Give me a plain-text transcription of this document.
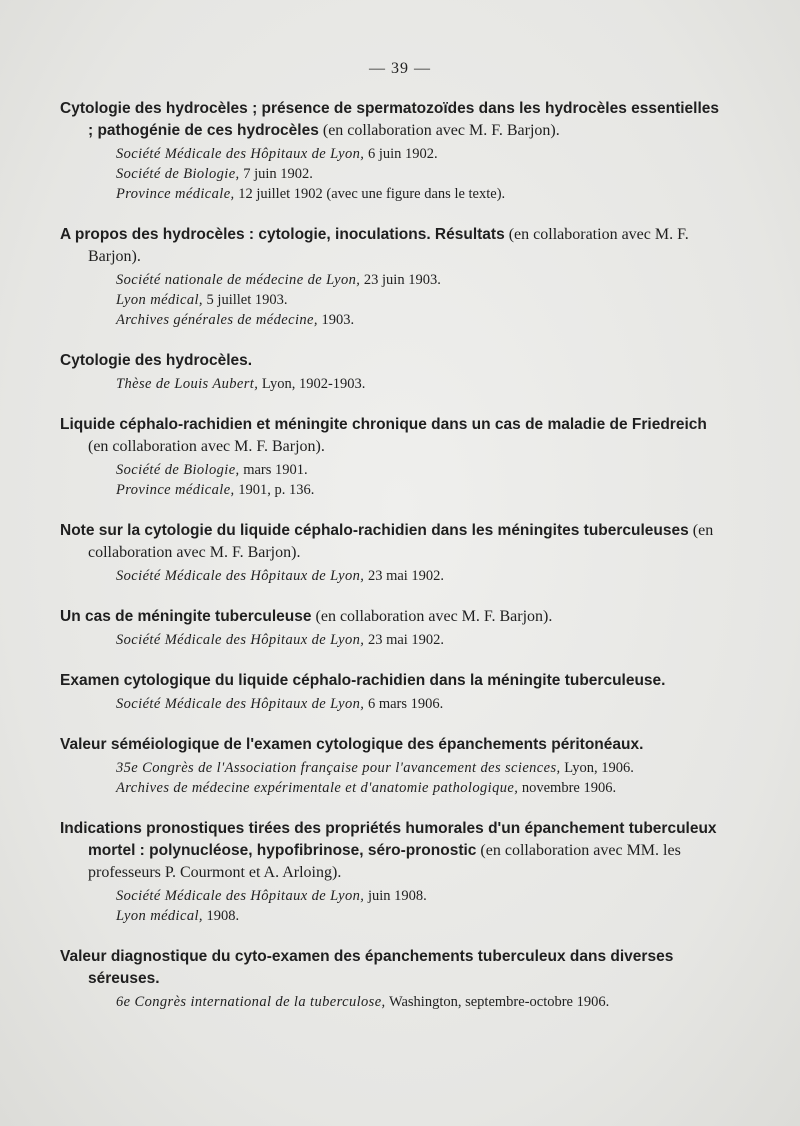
— 39 —

Cytologie des hydrocèles ; présence de spermatozoïdes dans les hydrocèles essentielles ; pathogénie de ces hydrocèles (en collaboration avec M. F. Barjon).

Société Médicale des Hôpitaux de Lyon, 6 juin 1902.
Société de Biologie, 7 juin 1902.
Province médicale, 12 juillet 1902 (avec une figure dans le texte).

A propos des hydrocèles : cytologie, inoculations. Résultats (en collaboration avec M. F. Barjon).

Société nationale de médecine de Lyon, 23 juin 1903.
Lyon médical, 5 juillet 1903.
Archives générales de médecine, 1903.

Cytologie des hydrocèles.

Thèse de Louis Aubert, Lyon, 1902-1903.

Liquide céphalo-rachidien et méningite chronique dans un cas de maladie de Friedreich (en collaboration avec M. F. Barjon).

Société de Biologie, mars 1901.
Province médicale, 1901, p. 136.

Note sur la cytologie du liquide céphalo-rachidien dans les méningites tuberculeuses (en collaboration avec M. F. Barjon).

Société Médicale des Hôpitaux de Lyon, 23 mai 1902.

Un cas de méningite tuberculeuse (en collaboration avec M. F. Barjon).

Société Médicale des Hôpitaux de Lyon, 23 mai 1902.

Examen cytologique du liquide céphalo-rachidien dans la méningite tuberculeuse.

Société Médicale des Hôpitaux de Lyon, 6 mars 1906.

Valeur séméiologique de l'examen cytologique des épanchements péritonéaux.

35e Congrès de l'Association française pour l'avancement des sciences, Lyon, 1906.
Archives de médecine expérimentale et d'anatomie pathologique, novembre 1906.

Indications pronostiques tirées des propriétés humorales d'un épanchement tuberculeux mortel : polynucléose, hypofibrinose, séro-pronostic (en collaboration avec MM. les professeurs P. Courmont et A. Arloing).

Société Médicale des Hôpitaux de Lyon, juin 1908.
Lyon médical, 1908.

Valeur diagnostique du cyto-examen des épanchements tuberculeux dans diverses séreuses.

6e Congrès international de la tuberculose, Washington, septembre-octobre 1906.
